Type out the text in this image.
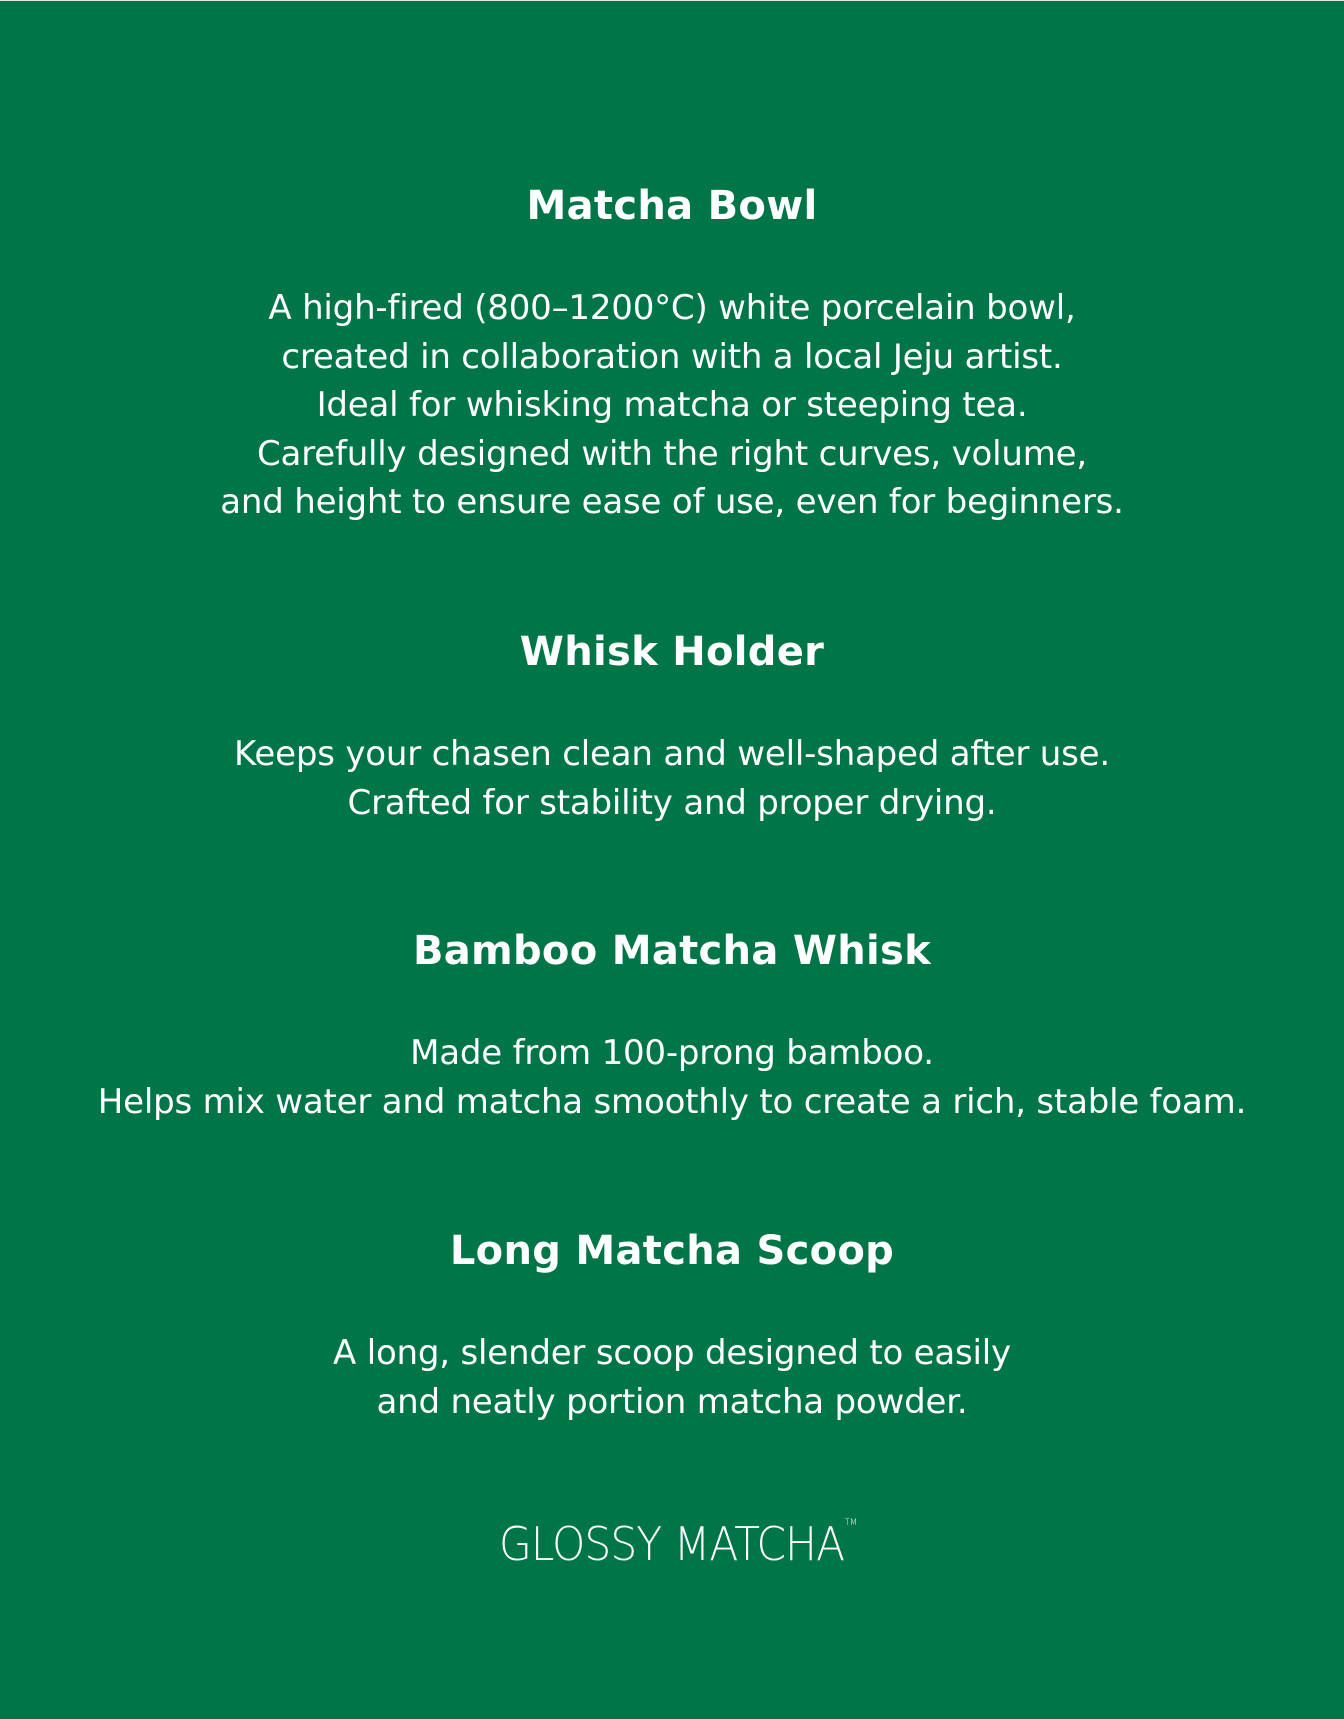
Matcha Bowl

A high-fired (800–1200°C) white porcelain bowl,
created in collaboration with a local Jeju artist.
Ideal for whisking matcha or steeping tea.
Carefully designed with the right curves, volume,
and height to ensure ease of use, even for beginners.

Whisk Holder

Keeps your chasen clean and well-shaped after use.
Crafted for stability and proper drying.

Bamboo Matcha Whisk

Made from 100-prong bamboo.
Helps mix water and matcha smoothly to create a rich, stable foam.

Long Matcha Scoop

A long, slender scoop designed to easily
and neatly portion matcha powder.

GLOSSY MATCHA TM
